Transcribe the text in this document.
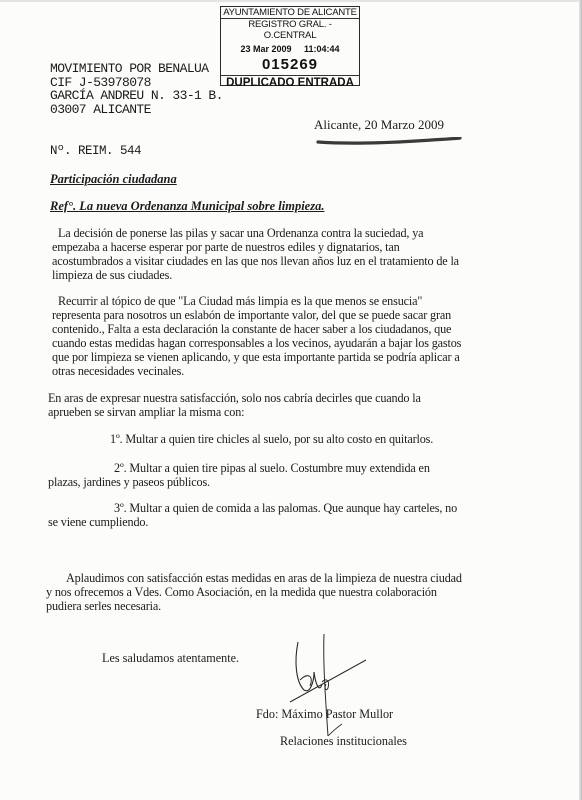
AYUNTAMIENTO DE ALICANTE
REGISTRO GRAL. - O.CENTRAL
23 Mar 2009     11:04:44
015269
DUPLICADO ENTRADA
MOVIMIENTO POR BENALUA
CIF J-53978078
GARCÍA ANDREU N. 33-1 B.
03007 ALICANTE
Alicante, 20 Marzo 2009
Nº. REIM. 544
Participación ciudadana
Ref°. La nueva Ordenanza Municipal sobre limpieza.
La decisión de ponerse las pilas y sacar una Ordenanza contra la suciedad, ya
empezaba a hacerse esperar por parte de nuestros ediles y dignatarios, tan
acostumbrados a visitar ciudades en las que nos llevan años luz en el tratamiento de la
limpieza de sus ciudades.
Recurrir al tópico de que "La Ciudad más limpia es la que menos se ensucia"
representa para nosotros un eslabón de importante valor, del que se puede sacar gran
contenido., Falta a esta declaración la constante de hacer saber a los ciudadanos, que
cuando estas medidas hagan corresponsables a los vecinos, ayudarán a bajar los gastos
que por limpieza se vienen aplicando, y que esta importante partida se podría aplicar a
otras necesidades vecinales.
En aras de expresar nuestra satisfacción, solo nos cabría decirles que cuando la
aprueben se sirvan ampliar la misma con:
1º. Multar a quien tire chicles al suelo, por su alto costo en quitarlos.
2º. Multar a quien tire pipas al suelo. Costumbre muy extendida en
plazas, jardines y paseos públicos.
3º. Multar a quien de comida a las palomas. Que aunque hay carteles, no
se viene cumpliendo.
Aplaudimos con satisfacción estas medidas en aras de la limpieza de nuestra ciudad
y nos ofrecemos a Vdes. Como Asociación, en la medida que nuestra colaboración
pudiera serles necesaria.
Les saludamos atentamente.
Fdo: Máximo Pastor Mullor
Relaciones institucionales
